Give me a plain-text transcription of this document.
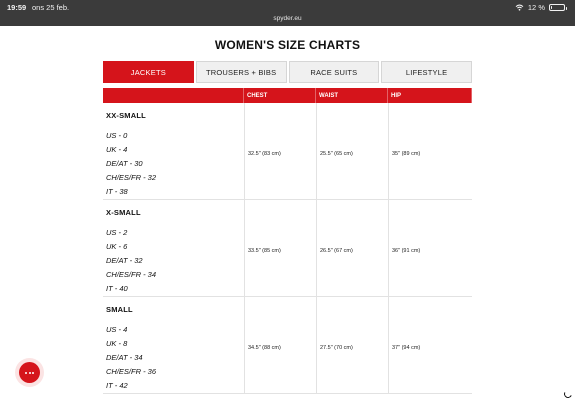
19:59 ons 25 feb.
spyder.eu
12 %
WOMEN'S SIZE CHARTS
JACKETS	TROUSERS + BIBS	RACE SUITS	LIFESTYLE
CHEST	WAIST	HIP
XX-SMALL
US - 0
UK - 4
DE/AT - 30
CH/ES/FR - 32
IT - 38
32.5" (83 cm)	25.5" (65 cm)	35" (89 cm)
X-SMALL
US - 2
UK - 6
DE/AT - 32
CH/ES/FR - 34
IT - 40
33.5" (85 cm)	26.5" (67 cm)	36" (91 cm)
SMALL
US - 4
UK - 8
DE/AT - 34
CH/ES/FR - 36
IT - 42
34.5" (88 cm)	27.5" (70 cm)	37" (94 cm)
